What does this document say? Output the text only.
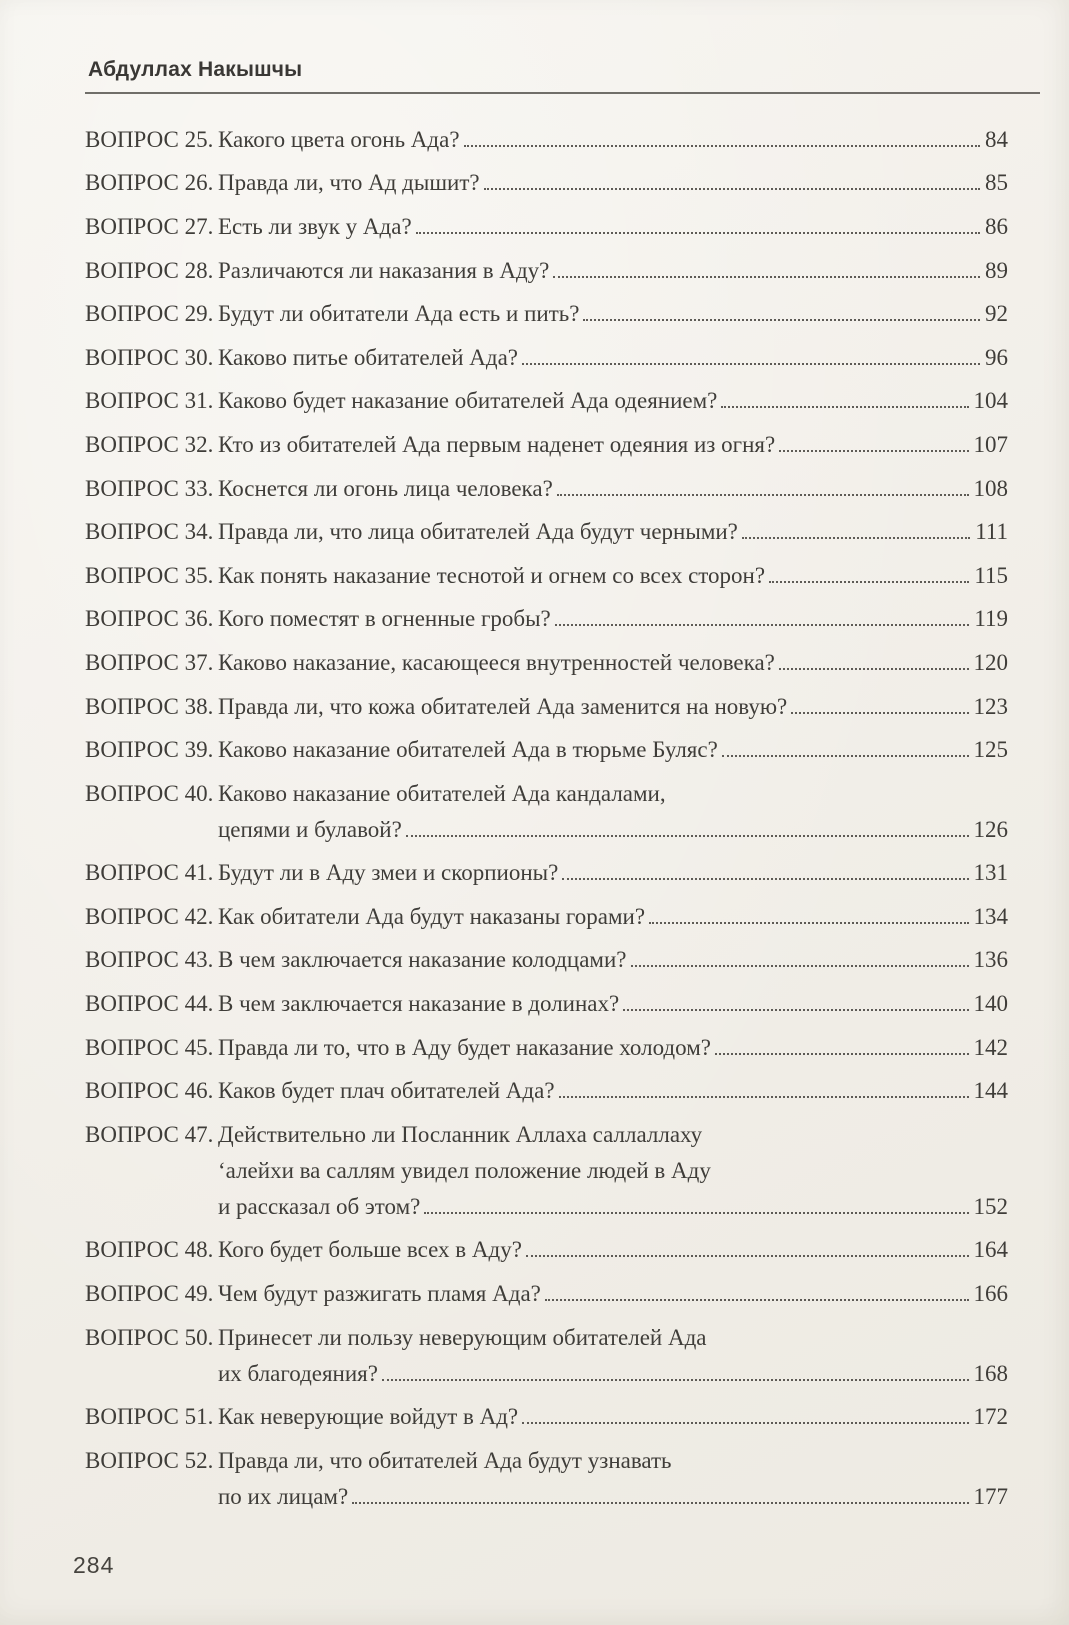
Абдуллах Накышчы
ВОПРОС 25. Какого цвета огонь Ада?	84
ВОПРОС 26. Правда ли, что Ад дышит?	85
ВОПРОС 27. Есть ли звук у Ада?	86
ВОПРОС 28. Различаются ли наказания в Аду?	89
ВОПРОС 29. Будут ли обитатели Ада есть и пить?	92
ВОПРОС 30. Каково питье обитателей Ада?	96
ВОПРОС 31. Каково будет наказание обитателей Ада одеянием?	104
ВОПРОС 32. Кто из обитателей Ада первым наденет одеяния из огня?	107
ВОПРОС 33. Коснется ли огонь лица человека?	108
ВОПРОС 34. Правда ли, что лица обитателей Ада будут черными?	111
ВОПРОС 35. Как понять наказание теснотой и огнем со всех сторон?	115
ВОПРОС 36. Кого поместят в огненные гробы?	119
ВОПРОС 37. Каково наказание, касающееся внутренностей человека?	120
ВОПРОС 38. Правда ли, что кожа обитателей Ада заменится на новую?	123
ВОПРОС 39. Каково наказание обитателей Ада в тюрьме Буляс?	125
ВОПРОС 40. Каково наказание обитателей Ада кандалами,
цепями и булавой?	126
ВОПРОС 41. Будут ли в Аду змеи и скорпионы?	131
ВОПРОС 42. Как обитатели Ада будут наказаны горами?	134
ВОПРОС 43. В чем заключается наказание колодцами?	136
ВОПРОС 44. В чем заключается наказание в долинах?	140
ВОПРОС 45. Правда ли то, что в Аду будет наказание холодом?	142
ВОПРОС 46. Каков будет плач обитателей Ада?	144
ВОПРОС 47. Действительно ли Посланник Аллаха саллаллаху
‘алейхи ва саллям увидел положение людей в Аду
и рассказал об этом?	152
ВОПРОС 48. Кого будет больше всех в Аду?	164
ВОПРОС 49. Чем будут разжигать пламя Ада?	166
ВОПРОС 50. Принесет ли пользу неверующим обитателей Ада
их благодеяния?	168
ВОПРОС 51. Как неверующие войдут в Ад?	172
ВОПРОС 52. Правда ли, что обитателей Ада будут узнавать
по их лицам?	177
284
